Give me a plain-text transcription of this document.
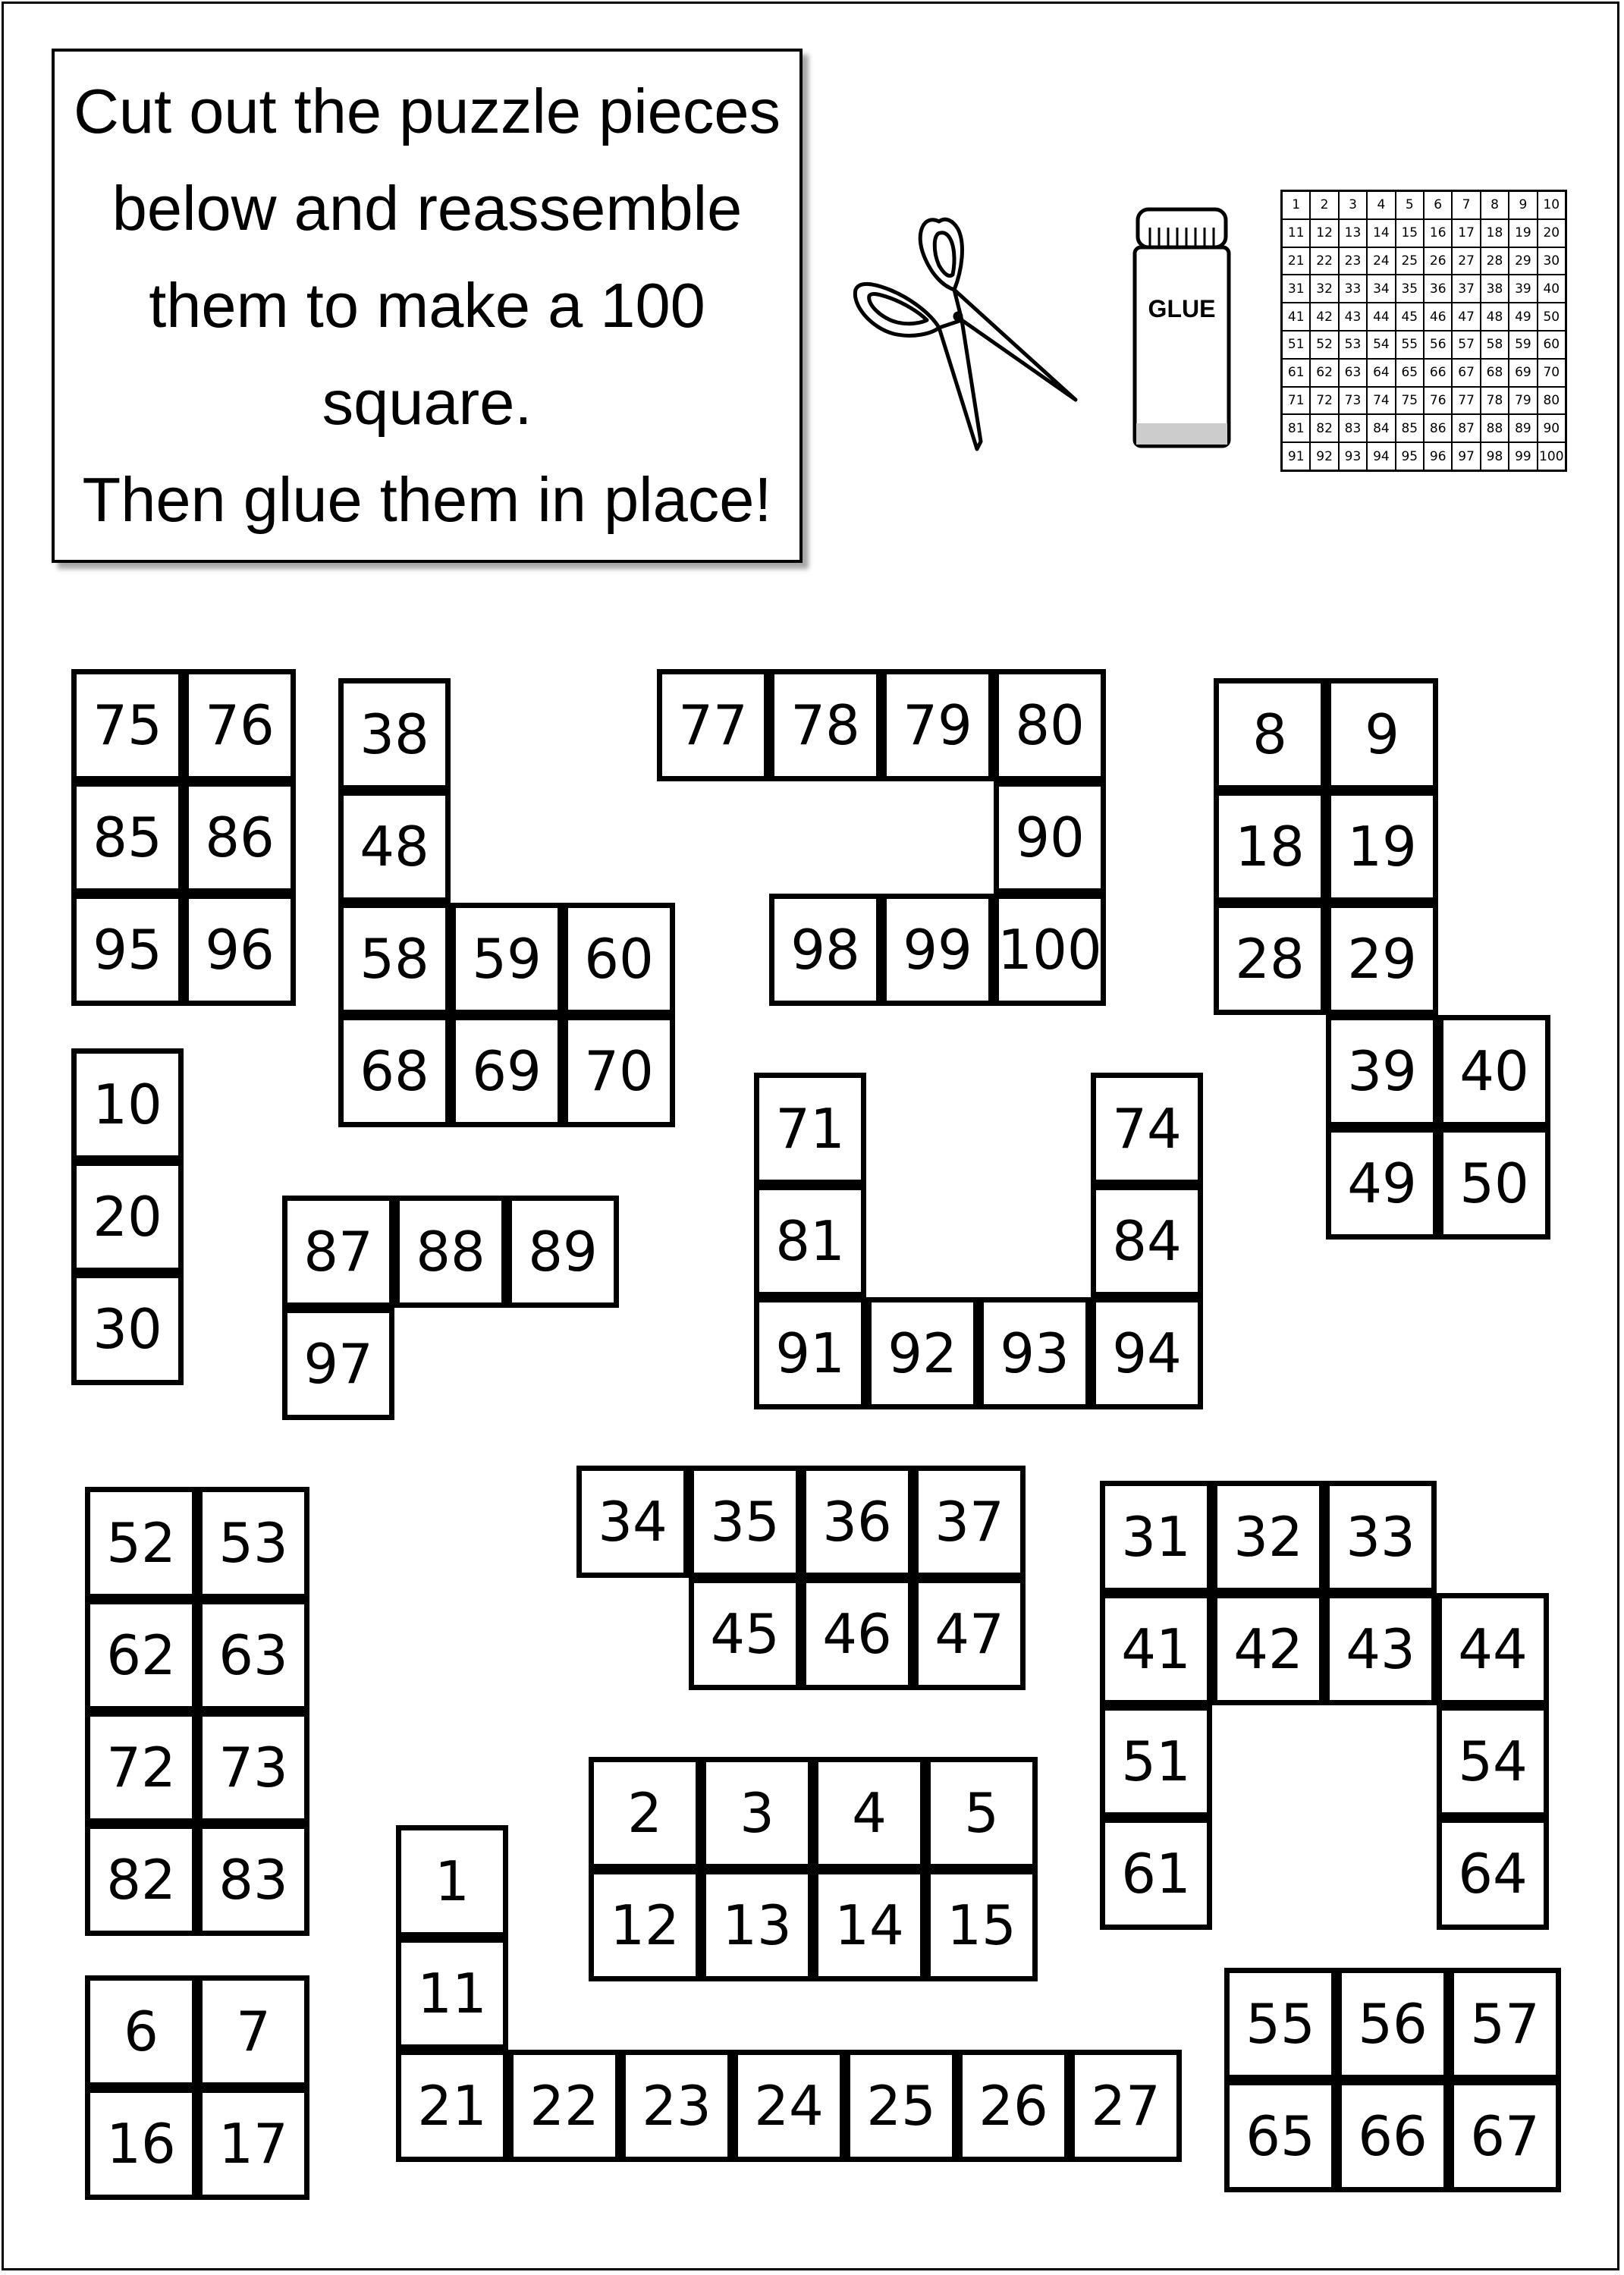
Cut out the puzzle pieces
below and reassemble
them to make a 100
square.
Then glue them in place!
GLUE
1	2	3	4	5	6	7	8	9	10
11 12 13 14 15 16 17 18 19 20
21 22 23 24 25 26 27 28 29 30
31 32 33 34 35 36 37 38 39 40
41 42 43 44 45 46 47 48 49 50
51 52 53 54 55 56 57 58 59 60
61 62 63 64 65 66 67 68 69 70
71 72 73 74 75 76 77 78 79 80
81 82 83 84 85 86 87 88 89 90
91 92 93 94 95 96 97 98 99 100
75 76
85 86
95 96
38
48
58 59 60
68 69 70
77 78 79 80
90
98 99 100
8	9
18 19
28 29
39 40
49 50
10
20
30
87 88 89
97
71	74
81	84
91 92 93 94
52 53
62 63
72 73
82 83
34 35 36 37
45 46 47
31 32 33
41 42 43 44
51	54
61	64
2	3	4	5
12 13 14 15
1
11
21 22 23 24 25 26 27
6	7
16 17
55 56 57
65 66 67
